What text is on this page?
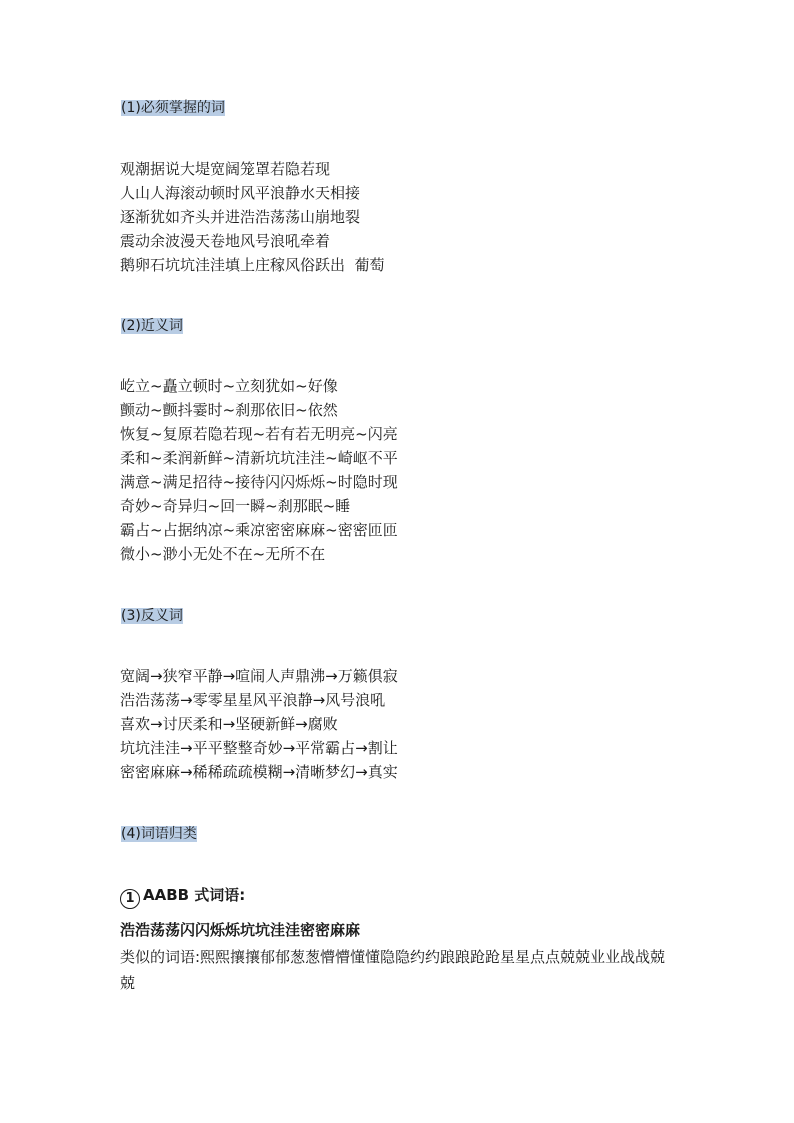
(1)必须掌握的词
观潮据说大堤宽阔笼罩若隐若现
人山人海滚动顿时风平浪静水天相接
逐渐犹如齐头并进浩浩荡荡山崩地裂
震动余波漫天卷地风号浪吼牵着
鹅卵石坑坑洼洼填上庄稼风俗跃出  葡萄
(2)近义词
屹立~矗立顿时~立刻犹如~好像
颤动~颤抖霎时~刹那依旧~依然
恢复~复原若隐若现~若有若无明亮~闪亮
柔和~柔润新鲜~清新坑坑洼洼~崎岖不平
满意~满足招待~接待闪闪烁烁~时隐时现
奇妙~奇异归~回一瞬~刹那眠~睡
霸占~占据纳凉~乘凉密密麻麻~密密匝匝
微小~渺小无处不在~无所不在
(3)反义词
宽阔→狭窄平静→喧闹人声鼎沸→万籁俱寂
浩浩荡荡→零零星星风平浪静→风号浪吼
喜欢→讨厌柔和→坚硬新鲜→腐败
坑坑洼洼→平平整整奇妙→平常霸占→割让
密密麻麻→稀稀疏疏模糊→清晰梦幻→真实
(4)词语归类
1 AABB 式词语:
浩浩荡荡闪闪烁烁坑坑洼洼密密麻麻
类似的词语:熙熙攘攘郁郁葱葱懵懵懂懂隐隐约约踉踉跄跄星星点点兢兢业业战战兢兢
